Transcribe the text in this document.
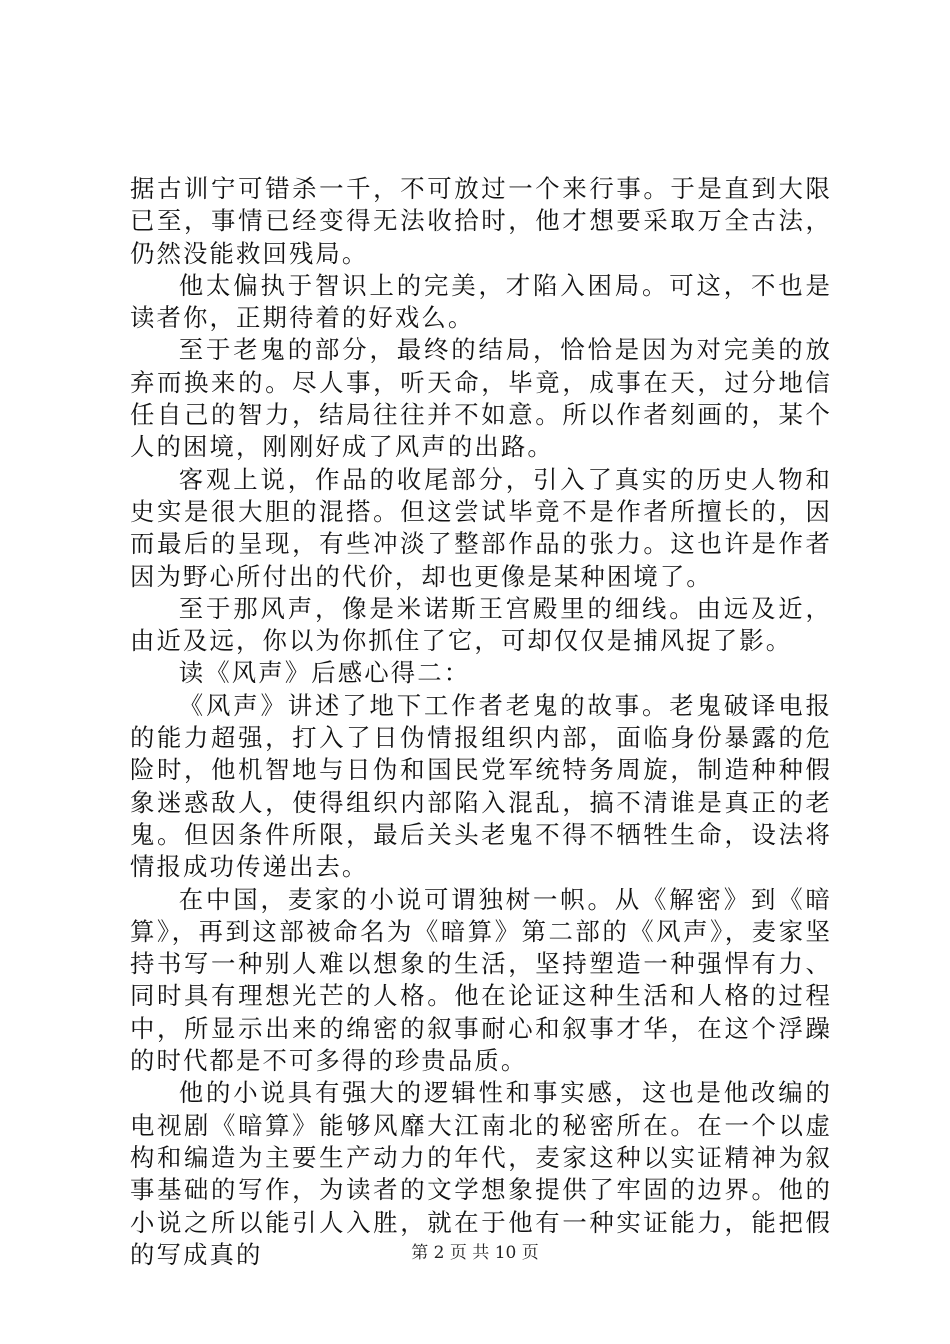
据古训宁可错杀一千，不可放过一个来行事。于是直到大限已至，事情已经变得无法收拾时，他才想要采取万全古法，仍然没能救回残局。

他太偏执于智识上的完美，才陷入困局。可这，不也是读者你，正期待着的好戏么。

至于老鬼的部分，最终的结局，恰恰是因为对完美的放弃而换来的。尽人事，听天命，毕竟，成事在天，过分地信任自己的智力，结局往往并不如意。所以作者刻画的，某个人的困境，刚刚好成了风声的出路。

客观上说，作品的收尾部分，引入了真实的历史人物和史实是很大胆的混搭。但这尝试毕竟不是作者所擅长的，因而最后的呈现，有些冲淡了整部作品的张力。这也许是作者因为野心所付出的代价，却也更像是某种困境了。

至于那风声，像是米诺斯王宫殿里的细线。由远及近，由近及远，你以为你抓住了它，可却仅仅是捕风捉了影。

读《风声》后感心得二：

《风声》讲述了地下工作者老鬼的故事。老鬼破译电报的能力超强，打入了日伪情报组织内部，面临身份暴露的危险时，他机智地与日伪和国民党军统特务周旋，制造种种假象迷惑敌人，使得组织内部陷入混乱，搞不清谁是真正的老鬼。但因条件所限，最后关头老鬼不得不牺牲生命，设法将情报成功传递出去。

在中国，麦家的小说可谓独树一帜。从《解密》到《暗算》，再到这部被命名为《暗算》第二部的《风声》，麦家坚持书写一种别人难以想象的生活，坚持塑造一种强悍有力、同时具有理想光芒的人格。他在论证这种生活和人格的过程中，所显示出来的绵密的叙事耐心和叙事才华，在这个浮躁的时代都是不可多得的珍贵品质。

他的小说具有强大的逻辑性和事实感，这也是他改编的电视剧《暗算》能够风靡大江南北的秘密所在。在一个以虚构和编造为主要生产动力的年代，麦家这种以实证精神为叙事基础的写作，为读者的文学想象提供了牢固的边界。他的小说之所以能引人入胜，就在于他有一种实证能力，能把假的写成真的	第 2 页 共 10 页
